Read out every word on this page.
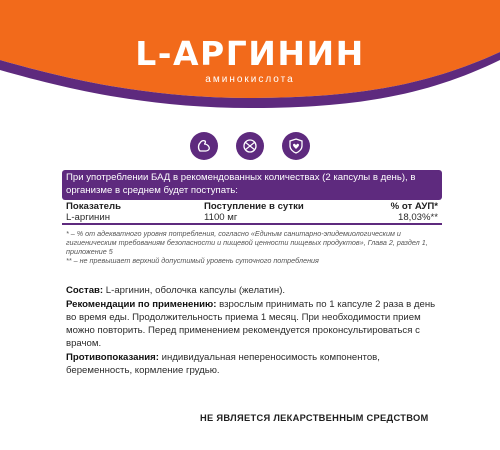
L-АРГИНИН
аминокислота
При употреблении БАД в рекомендованных количествах (2 капсулы в день), в организме в среднем будет поступать:
Показатель	Поступление в сутки	% от АУП*
L-аргинин	1100 мг	18,03%**
* – % от адекватного уровня потребления, согласно «Единым санитарно-эпидемиологическим и гигиеническим требованиям безопасности и пищевой ценности пищевых продуктов», Глава 2, раздел 1, приложение 5
** – не превышает верхний допустимый уровень суточного потребления

Состав: L-аргинин, оболочка капсулы (желатин).

Рекомендации по применению: взрослым принимать по 1 капсуле 2 раза в день во время еды. Продолжительность приема 1 месяц. При необходимости прием можно повторить. Перед применением рекомендуется проконсультироваться с врачом.

Противопоказания: индивидуальная непереносимость компонентов, беременность, кормление грудью.

НЕ ЯВЛЯЕТСЯ ЛЕКАРСТВЕННЫМ СРЕДСТВОМ
